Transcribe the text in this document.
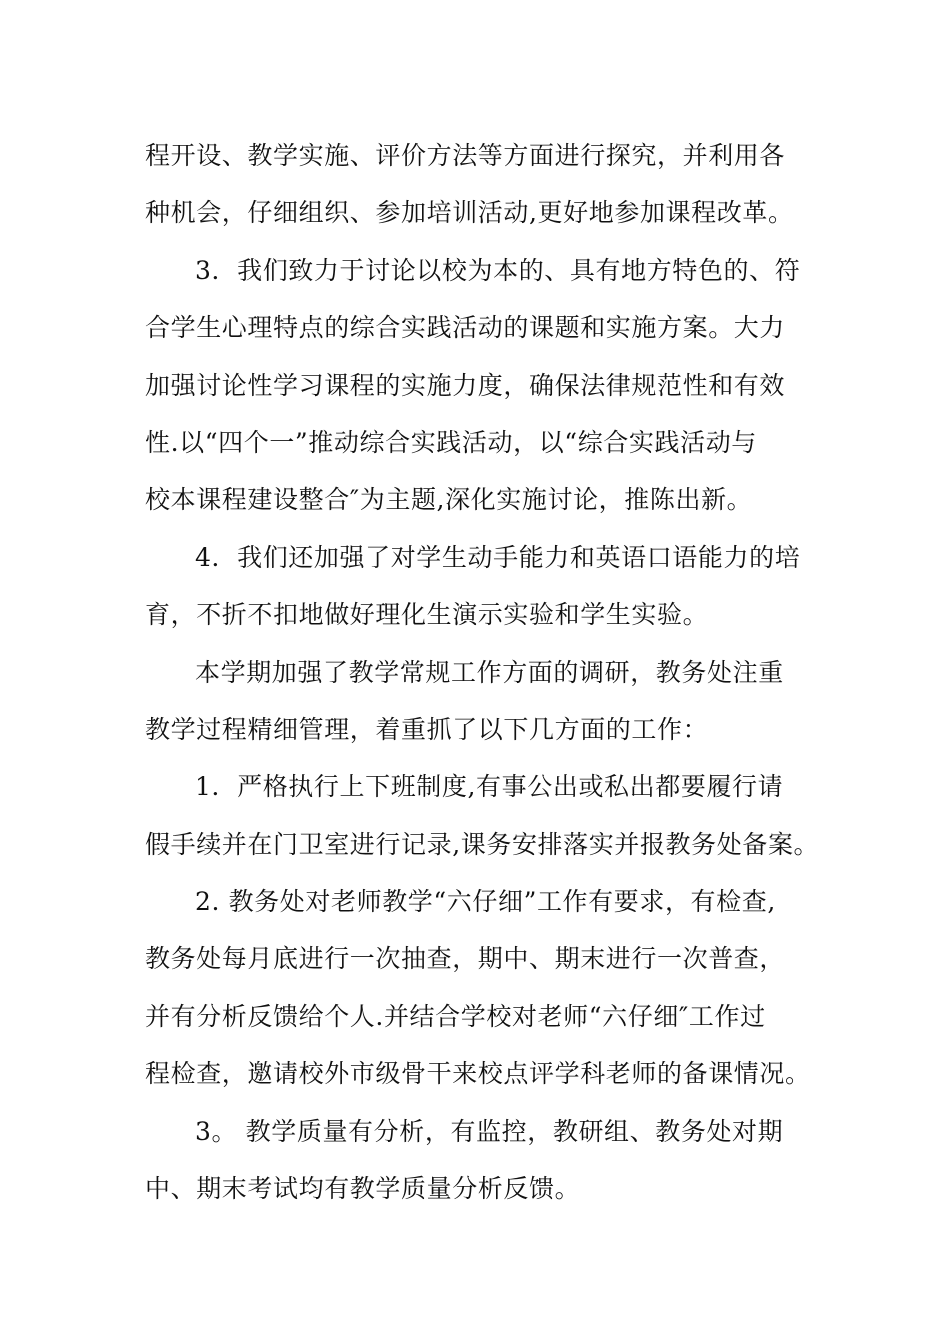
程开设、教学实施、评价方法等方面进行探究，并利用各
种机会，仔细组织、参加培训活动,更好地参加课程改革。
3．我们致力于讨论以校为本的、具有地方特色的、符
合学生心理特点的综合实践活动的课题和实施方案。大力
加强讨论性学习课程的实施力度，确保法律规范性和有效
性.以“四个一”推动综合实践活动，以“综合实践活动与
校本课程建设整合″为主题,深化实施讨论，推陈出新。
4．我们还加强了对学生动手能力和英语口语能力的培
育，不折不扣地做好理化生演示实验和学生实验。
本学期加强了教学常规工作方面的调研，教务处注重
教学过程精细管理，着重抓了以下几方面的工作：
1．严格执行上下班制度,有事公出或私出都要履行请
假手续并在门卫室进行记录,课务安排落实并报教务处备案。
2. 教务处对老师教学“六仔细”工作有要求，有检查,
教务处每月底进行一次抽查，期中、期末进行一次普查，
并有分析反馈给个人.并结合学校对老师“六仔细″工作过
程检查，邀请校外市级骨干来校点评学科老师的备课情况。
3。 教学质量有分析，有监控，教研组、教务处对期
中、期末考试均有教学质量分析反馈。
